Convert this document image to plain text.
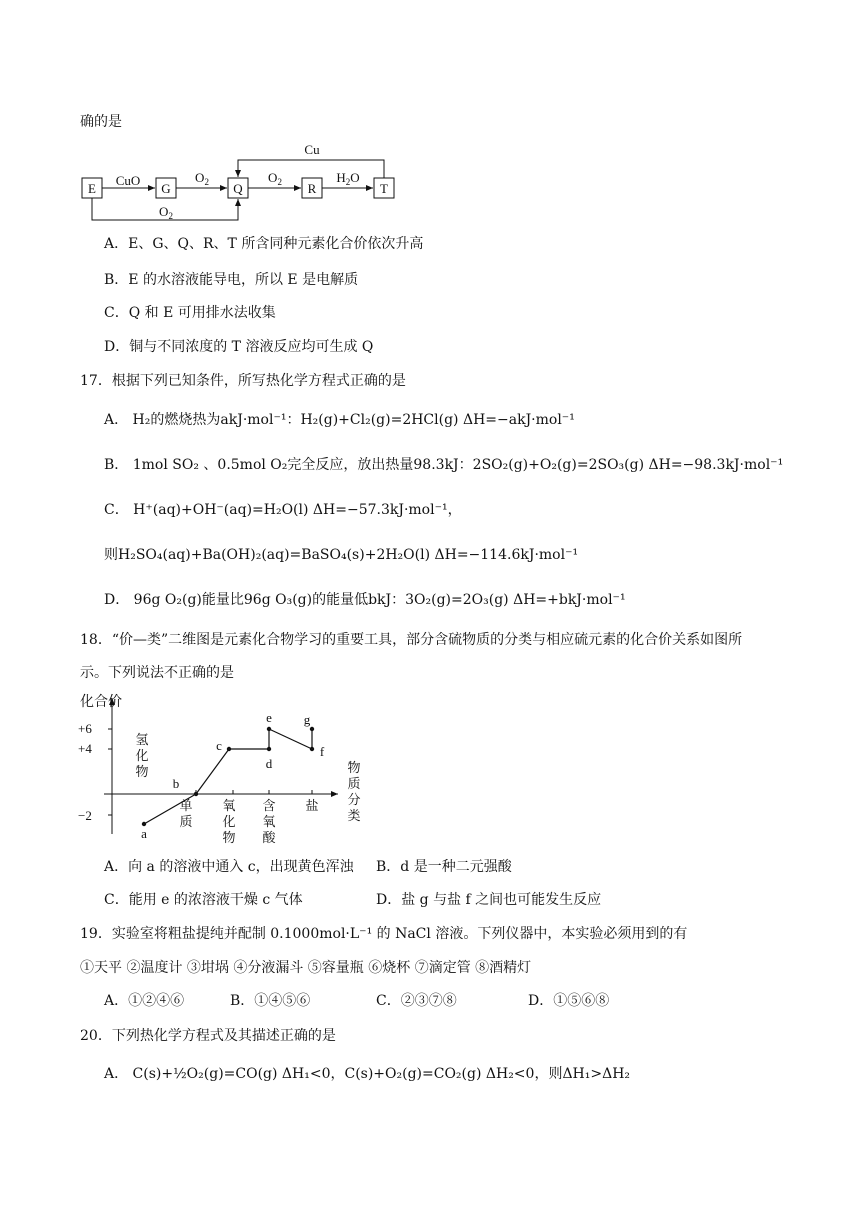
确的是
E	G	Q	R	T
CuO	$O_2$	$O_2$	$H_2O$
Cu
$O_2$
A．E、G、Q、R、T 所含同种元素化合价依次升高
B．E 的水溶液能导电，所以 E 是电解质
C．Q 和 E 可用排水法收集
D．铜与不同浓度的 T 溶液反应均可生成 Q
17．根据下列已知条件，所写热化学方程式正确的是
A． H₂的燃烧热为akJ·mol⁻¹：H₂(g)+Cl₂(g)=2HCl(g) ΔH=−akJ·mol⁻¹
B． 1mol SO₂ 、0.5mol O₂完全反应，放出热量98.3kJ：2SO₂(g)+O₂(g)=2SO₃(g) ΔH=−98.3kJ·mol⁻¹
C． H⁺(aq)+OH⁻(aq)=H₂O(l) ΔH=−57.3kJ·mol⁻¹，
则H₂SO₄(aq)+Ba(OH)₂(aq)=BaSO₄(s)+2H₂O(l) ΔH=−114.6kJ·mol⁻¹
D． 96g O₂(g)能量比96g O₃(g)的能量低bkJ：3O₂(g)=2O₃(g) ΔH=+bkJ·mol⁻¹
18．“价—类”二维图是元素化合物学习的重要工具，部分含硫物质的分类与相应硫元素的化合价关系如图所
示。下列说法不正确的是
化合价
+6
+4
−2
氢
化
物
单
质
氧
化
物
含
氧
酸
盐
物
质
分
类
a
b
c
d
e
f
g
A．向 a 的溶液中通入 c，出现黄色浑浊 B．d 是一种二元强酸
C．能用 e 的浓溶液干燥 c 气体	D．盐 g 与盐 f 之间也可能发生反应
19．实验室将粗盐提纯并配制 0.1000mol·L⁻¹ 的 NaCl 溶液。下列仪器中，本实验必须用到的有
①天平 ②温度计 ③坩埚 ④分液漏斗 ⑤容量瓶 ⑥烧杯 ⑦滴定管 ⑧酒精灯
A．①②④⑥	B．①④⑤⑥	C．②③⑦⑧	D．①⑤⑥⑧
20．下列热化学方程式及其描述正确的是
A． C(s)+½O₂(g)=CO(g) ΔH₁<0，C(s)+O₂(g)=CO₂(g) ΔH₂<0，则ΔH₁>ΔH₂
